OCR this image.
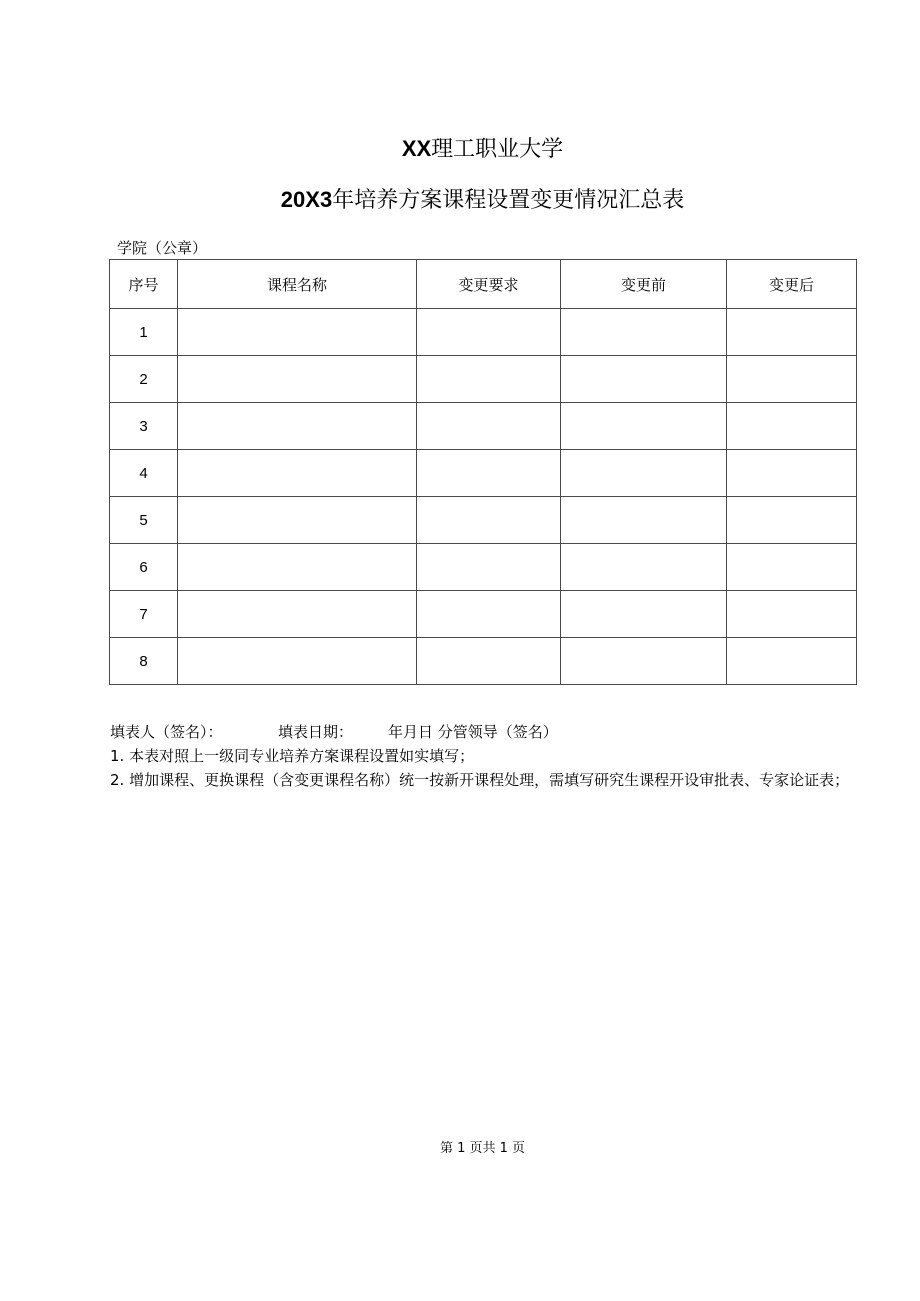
XX理工职业大学
20X3年培养方案课程设置变更情况汇总表
学院（公章）
序号	课程名称	变更要求	变更前	变更后
1				
2				
3				
4				
5				
6				
7				
8				

填表人（签名）：	填表日期： 年月日 分管领导（签名）

1. 本表对照上一级同专业培养方案课程设置如实填写；

2. 增加课程、更换课程（含变更课程名称）统一按新开课程处理，需填写研究生课程开设审批表、专家论证表；

第 1 页共 1 页
